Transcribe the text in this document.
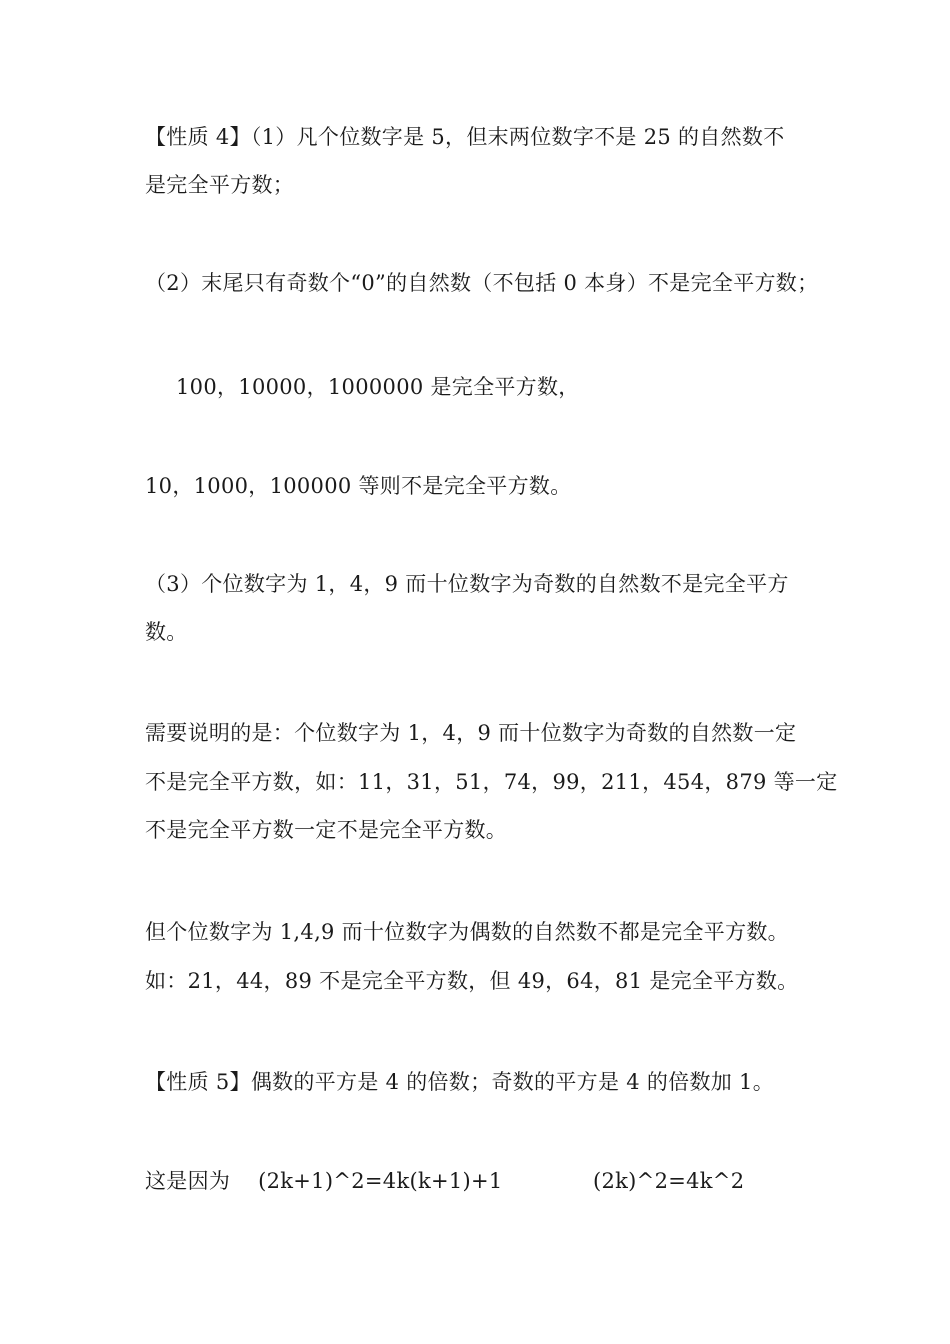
【性质 4】（1）凡个位数字是 5，但末两位数字不是 25 的自然数不
是完全平方数；
（2）末尾只有奇数个“0”的自然数（不包括 0 本身）不是完全平方数；
100，10000，1000000 是完全平方数，
10，1000，100000 等则不是完全平方数。
（3）个位数字为 1，4，9 而十位数字为奇数的自然数不是完全平方
数。
需要说明的是：个位数字为 1，4，9 而十位数字为奇数的自然数一定
不是完全平方数，如：11，31，51，74，99，211，454，879 等一定
不是完全平方数一定不是完全平方数。
但个位数字为 1,4,9 而十位数字为偶数的自然数不都是完全平方数。
如：21，44，89 不是完全平方数，但 49，64，81 是完全平方数。
【性质 5】偶数的平方是 4 的倍数；奇数的平方是 4 的倍数加 1。
这是因为    (2k+1)^2=4k(k+1)+1	(2k)^2=4k^2
